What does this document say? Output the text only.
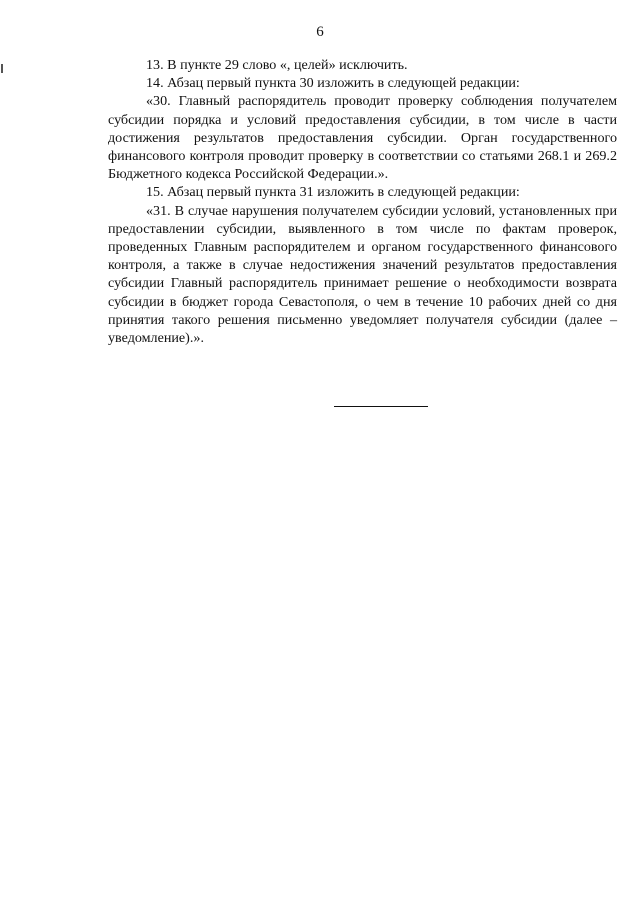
6

13. В пункте 29 слово «, целей» исключить.

14. Абзац первый пункта 30 изложить в следующей редакции:

«30. Главный распорядитель проводит проверку соблюдения получателем субсидии порядка и условий предоставления субсидии, в том числе в части достижения результатов предоставления субсидии. Орган государственного финансового контроля проводит проверку в соответствии со статьями 268.1 и 269.2 Бюджетного кодекса Российской Федерации.».

15. Абзац первый пункта 31 изложить в следующей редакции:

«31. В случае нарушения получателем субсидии условий, установленных при предоставлении субсидии, выявленного в том числе по фактам проверок, проведенных Главным распорядителем и органом государственного финансового контроля, а также в случае недостижения значений результатов предоставления субсидии Главный распорядитель принимает решение о необходимости возврата субсидии в бюджет города Севастополя, о чем в течение 10 рабочих дней со дня принятия такого решения письменно уведомляет получателя субсидии (далее – уведомление).».
